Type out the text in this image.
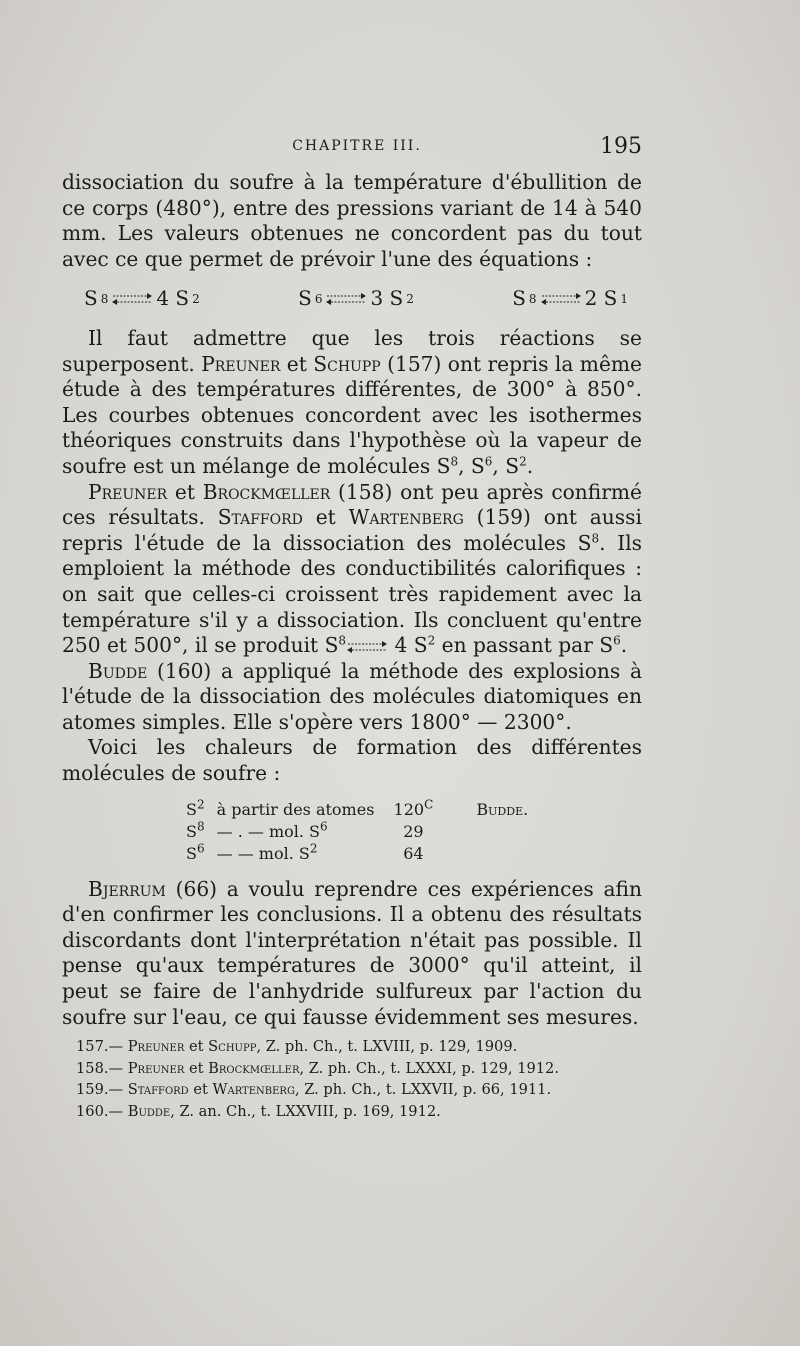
CHAPITRE III.	195

dissociation du soufre à la température d'ébullition de ce corps (480°), entre des pressions variant de 14 à 540 mm. Les valeurs obtenues ne concordent pas du tout avec ce que permet de prévoir l'une des équations :

S 8 ⇌ 4 S 2	S 6 ⇌ 3 S 2	S 8 ⇌ 2 S 1

Il faut admettre que les trois réactions se superposent. Preuner et Schupp (157) ont repris la même étude à des températures différentes, de 300° à 850°. Les courbes obtenues concordent avec les isothermes théoriques construits dans l'hypothèse où la vapeur de soufre est un mélange de molécules $S^8$, $S^6$, $S^2$.

Preuner et Brockmœller (158) ont peu après confirmé ces résultats. Stafford et Wartenberg (159) ont aussi repris l'étude de la dissociation des molécules $S^8$. Ils emploient la méthode des conductibilités calorifiques : on sait que celles-ci croissent très rapidement avec la température s'il y a dissociation. Ils concluent qu'entre 250 et 500°, il se produit $S^8\rightleftharpoons$ 4 $S^2$ en passant par $S^6$.

Budde (160) a appliqué la méthode des explosions à l'étude de la dissociation des molécules diatomiques en atomes simples. Elle s'opère vers 1800° — 2300°.

Voici les chaleurs de formation des différentes molécules de soufre :

$S^2$	à partir des atomes	$120^C$	Budde.
$S^8$	— . — mol. $S^6$	29	
$S^6$	— — mol. $S^2$	64	

Bjerrum (66) a voulu reprendre ces expériences afin d'en confirmer les conclusions. Il a obtenu des résultats discordants dont l'interprétation n'était pas possible. Il pense qu'aux températures de 3000° qu'il atteint, il peut se faire de l'anhydride sulfureux par l'action du soufre sur l'eau, ce qui fausse évidemment ses mesures.

157.— Preuner et Schupp, Z. ph. Ch., t. LXVIII, p. 129, 1909.

158.— Preuner et Brockmœller, Z. ph. Ch., t. LXXXI, p. 129, 1912.

159.— Stafford et Wartenberg, Z. ph. Ch., t. LXXVII, p. 66, 1911.

160.— Budde, Z. an. Ch., t. LXXVIII, p. 169, 1912.
